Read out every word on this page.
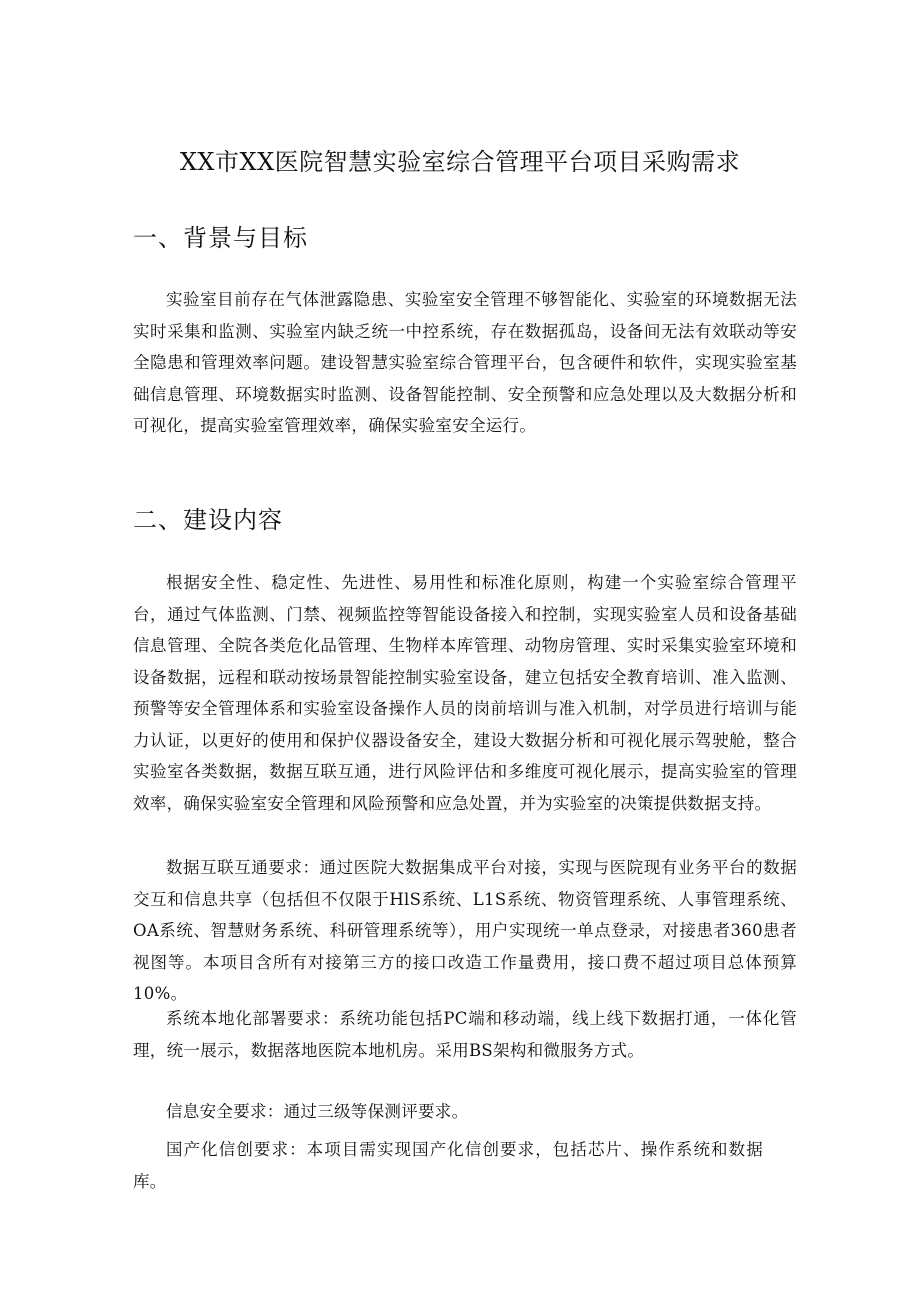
XX市XX医院智慧实验室综合管理平台项目采购需求
一、背景与目标

实验室目前存在气体泄露隐患、实验室安全管理不够智能化、实验室的环境数据无法实时采集和监测、实验室内缺乏统一中控系统，存在数据孤岛，设备间无法有效联动等安全隐患和管理效率问题。建设智慧实验室综合管理平台，包含硬件和软件，实现实验室基础信息管理、环境数据实时监测、设备智能控制、安全预警和应急处理以及大数据分析和可视化，提高实验室管理效率，确保实验室安全运行。

二、建设内容

根据安全性、稳定性、先进性、易用性和标准化原则，构建一个实验室综合管理平台，通过气体监测、门禁、视频监控等智能设备接入和控制，实现实验室人员和设备基础信息管理、全院各类危化品管理、生物样本库管理、动物房管理、实时采集实验室环境和设备数据，远程和联动按场景智能控制实验室设备，建立包括安全教育培训、准入监测、预警等安全管理体系和实验室设备操作人员的岗前培训与准入机制，对学员进行培训与能力认证，以更好的使用和保护仪器设备安全，建设大数据分析和可视化展示驾驶舱，整合实验室各类数据，数据互联互通，进行风险评估和多维度可视化展示，提高实验室的管理效率，确保实验室安全管理和风险预警和应急处置，并为实验室的决策提供数据支持。

数据互联互通要求：通过医院大数据集成平台对接，实现与医院现有业务平台的数据交互和信息共享（包括但不仅限于HlS系统、L1S系统、物资管理系统、人事管理系统、OA系统、智慧财务系统、科研管理系统等），用户实现统一单点登录，对接患者360患者视图等。本项目含所有对接第三方的接口改造工作量费用，接口费不超过项目总体预算10%。

系统本地化部署要求：系统功能包括PC端和移动端，线上线下数据打通，一体化管理，统一展示，数据落地医院本地机房。采用BS架构和微服务方式。

信息安全要求：通过三级等保测评要求。

国产化信创要求：本项目需实现国产化信创要求，包括芯片、操作系统和数据库。
